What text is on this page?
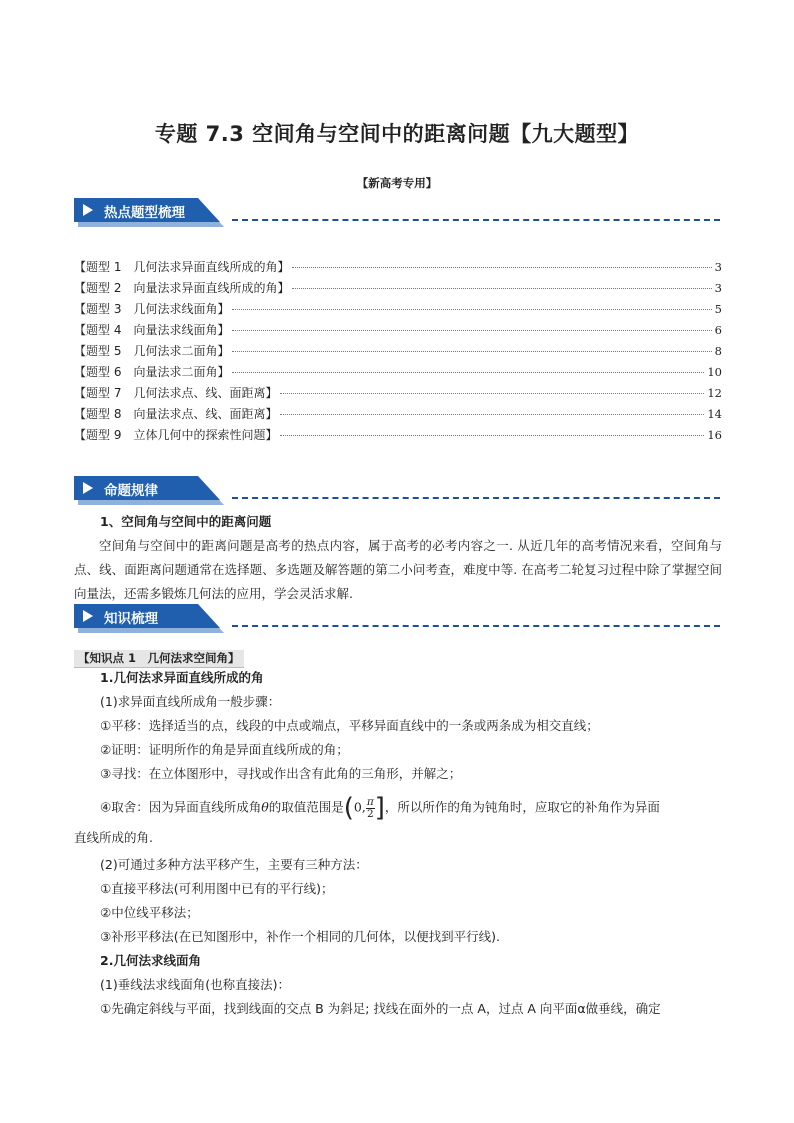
专题 7.3 空间角与空间中的距离问题【九大题型】
【新高考专用】
热点题型梳理
【题型 1　几何法求异面直线所成的角】	3
【题型 2　向量法求异面直线所成的角】	3
【题型 3　几何法求线面角】	5
【题型 4　向量法求线面角】	6
【题型 5　几何法求二面角】	8
【题型 6　向量法求二面角】	10
【题型 7　几何法求点、线、面距离】	12
【题型 8　向量法求点、线、面距离】	14
【题型 9　立体几何中的探索性问题】	16
命题规律
1、空间角与空间中的距离问题
空间角与空间中的距离问题是高考的热点内容，属于高考的必考内容之一. 从近几年的高考情况来看，空间角与点、线、面距离问题通常在选择题、多选题及解答题的第二小问考查，难度中等. 在高考二轮复习过程中除了掌握空间向量法，还需多锻炼几何法的应用，学会灵活求解.
知识梳理
【知识点 1　几何法求空间角】
1.几何法求异面直线所成的角
(1)求异面直线所成角一般步骤：
①平移：选择适当的点，线段的中点或端点，平移异面直线中的一条或两条成为相交直线；
②证明：证明所作的角是异面直线所成的角；
③寻找：在立体图形中，寻找或作出含有此角的三角形，并解之；
④取舍：因为异面直线所成角θ的取值范围是(0, $\frac{\pi}{2}$ ]，所以所作的角为钝角时，应取它的补角作为异面
直线所成的角.
(2)可通过多种方法平移产生，主要有三种方法：
①直接平移法(可利用图中已有的平行线)；
②中位线平移法；
③补形平移法(在已知图形中，补作一个相同的几何体，以便找到平行线).
2.几何法求线面角
(1)垂线法求线面角(也称直接法)：
①先确定斜线与平面，找到线面的交点 B 为斜足; 找线在面外的一点 A，过点 A 向平面α做垂线，确定
